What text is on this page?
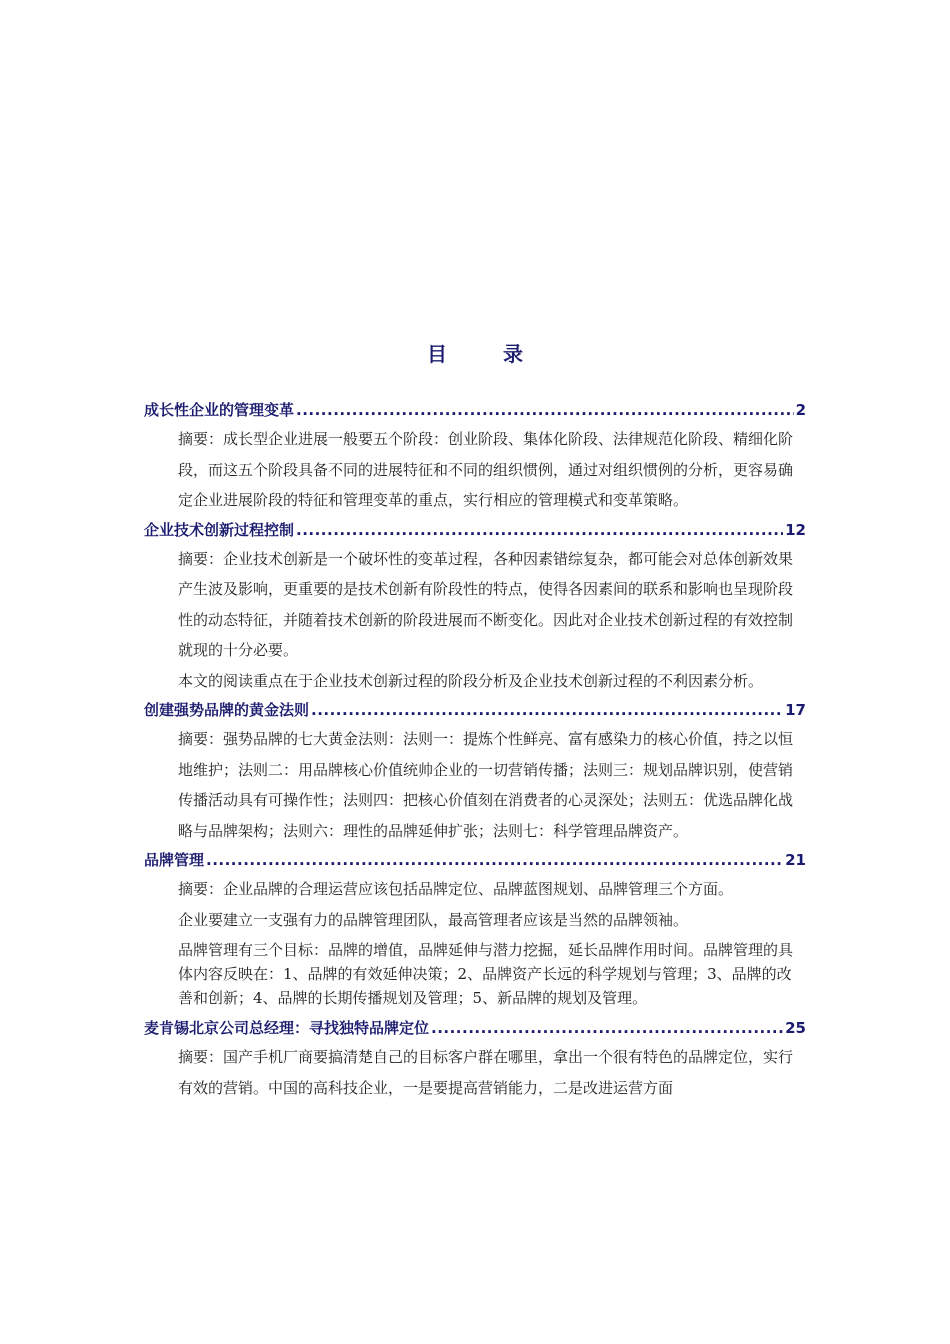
目	录
成长性企业的管理变革 .....	2

摘要：成长型企业进展一般要五个阶段：创业阶段、集体化阶段、法律规范化阶段、精细化阶段，而这五个阶段具备不同的进展特征和不同的组织惯例，通过对组织惯例的分析，更容易确定企业进展阶段的特征和管理变革的重点，实行相应的管理模式和变革策略。

企业技术创新过程控制 .....	12

摘要：企业技术创新是一个破坏性的变革过程，各种因素错综复杂，都可能会对总体创新效果产生波及影响，更重要的是技术创新有阶段性的特点，使得各因素间的联系和影响也呈现阶段性的动态特征，并随着技术创新的阶段进展而不断变化。因此对企业技术创新过程的有效控制就现的十分必要。

本文的阅读重点在于企业技术创新过程的阶段分析及企业技术创新过程的不利因素分析。

创建强势品牌的黄金法则 .....	17

摘要：强势品牌的七大黄金法则：法则一：提炼个性鲜亮、富有感染力的核心价值，持之以恒地维护；法则二：用品牌核心价值统帅企业的一切营销传播；法则三：规划品牌识别，使营销传播活动具有可操作性；法则四：把核心价值刻在消费者的心灵深处；法则五：优选品牌化战略与品牌架构；法则六：理性的品牌延伸扩张；法则七：科学管理品牌资产。

品牌管理 .....	21

摘要：企业品牌的合理运营应该包括品牌定位、品牌蓝图规划、品牌管理三个方面。

企业要建立一支强有力的品牌管理团队，最高管理者应该是当然的品牌领袖。

品牌管理有三个目标：品牌的增值，品牌延伸与潜力挖掘，延长品牌作用时间。品牌管理的具体内容反映在：1、品牌的有效延伸决策；2、品牌资产长远的科学规划与管理；3、品牌的改善和创新；4、品牌的长期传播规划及管理；5、新品牌的规划及管理。

麦肯锡北京公司总经理：寻找独特品牌定位 .....	25

摘要：国产手机厂商要搞清楚自己的目标客户群在哪里，拿出一个很有特色的品牌定位，实行有效的营销。中国的高科技企业，一是要提高营销能力，二是改进运营方面
